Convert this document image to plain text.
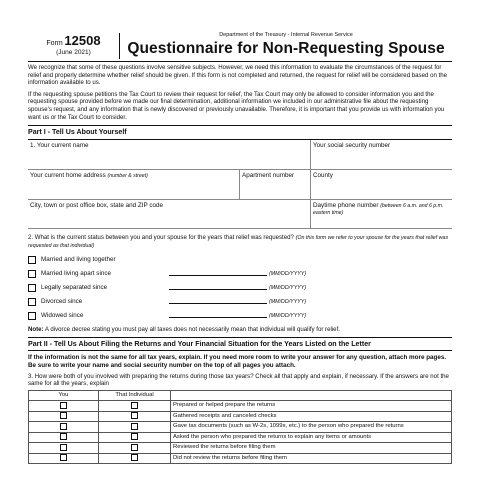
Form 12508
(June 2021)
Department of the Treasury - Internal Revenue Service
Questionnaire for Non-Requesting Spouse

We recognize that some of these questions involve sensitive subjects. However, we need this information to evaluate the circumstances of the request for relief and properly determine whether relief should be given. If this form is not completed and returned, the request for relief will be considered based on the information available to us.

If the requesting spouse petitions the Tax Court to review their request for relief, the Tax Court may only be allowed to consider information you and the requesting spouse provided before we made our final determination, additional information we included in our administrative file about the requesting spouse's request, and any information that is newly discovered or previously unavailable. Therefore, it is important that you provide us with information you want us or the Tax Court to consider.

Part I - Tell Us About Yourself
1. Your current name	Your social security number
Your current home address (number & street)	Apartment number	County
City, town or post office box, state and ZIP code	Daytime phone number (between 6 a.m. and 6 p.m. eastern time)
2. What is the current status between you and your spouse for the years that relief was requested? (On this form we refer to your spouse for the years that relief was requested as that individual)
Married and living together
Married living apart since	(MM/DD/YYYY)
Legally separated since	(MM/DD/YYYY)
Divorced since	(MM/DD/YYYY)
Widowed since	(MM/DD/YYYY)
Note: A divorce decree stating you must pay all taxes does not necessarily mean that individual will qualify for relief.
Part II - Tell Us About Filing the Returns and Your Financial Situation for the Years Listed on the Letter
If the information is not the same for all tax years, explain. If you need more room to write your answer for any question, attach more pages. Be sure to write your name and social security number on the top of all pages you attach.
3. How were both of you involved with preparing the returns during those tax years? Check all that apply and explain, if necessary. If the answers are not the same for all the years, explain
You	That Individual	
		Prepared or helped prepare the returns
		Gathered receipts and canceled checks
		Gave tax documents (such as W-2s, 1099s, etc.) to the person who prepared the returns
		Asked the person who prepared the returns to explain any items or amounts
		Reviewed the returns before filing them
		Did not review the returns before filing them
